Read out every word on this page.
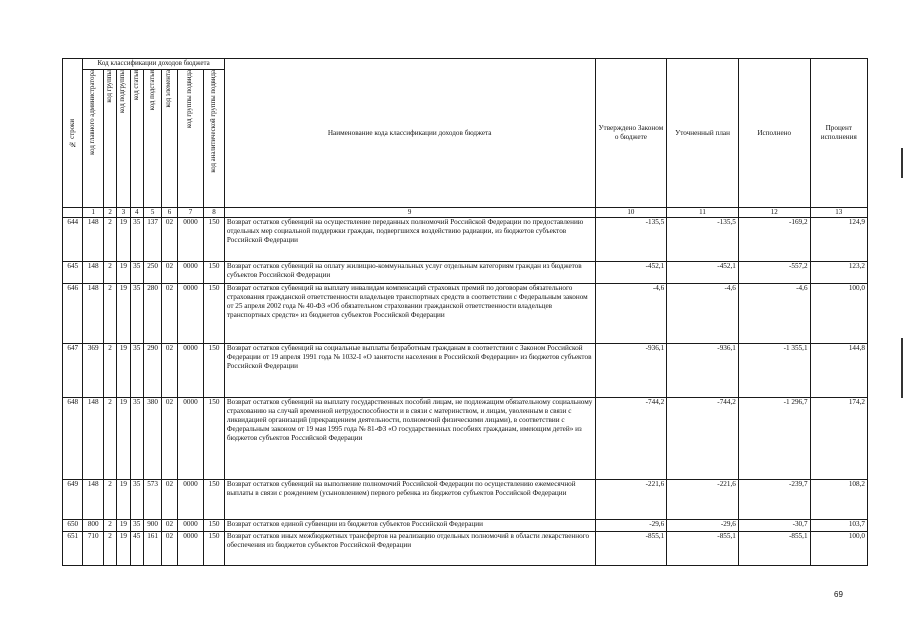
№ строки	Код классификации доходов бюджета								Наименование кода классификации доходов бюджета	Утверждено Законом о бюджете	Уточненный план	Исполнено	Процент исполнения

	код главного администратора	код группы	код подгруппы	код статьи	код подстатьи	код элемента	код группы подвида	код аналитической группы подвида					

	1	2	3	4	5	6	7	8	9	10	11	12	13
644	148	2	19	35	137	02	0000	150	Возврат остатков субвенций на осуществление переданных полномочий Российской Федерации по предоставлению отдельных мер социальной поддержки граждан, подвергшихся воздействию радиации, из бюджетов субъектов Российской Федерации	-135,5	-135,5	-169,2	124,9
645	148	2	19	35	250	02	0000	150	Возврат остатков субвенций на оплату жилищно-коммунальных услуг отдельным категориям граждан из бюджетов субъектов Российской Федерации	-452,1	-452,1	-557,2	123,2
646	148	2	19	35	280	02	0000	150	Возврат остатков субвенций на выплату инвалидам компенсаций страховых премий по договорам обязательного страхования гражданской ответственности владельцев транспортных средств в соответствии с Федеральным законом от 25 апреля 2002 года № 40-ФЗ «Об обязательном страховании гражданской ответственности владельцев транспортных средств» из бюджетов субъектов Российской Федерации	-4,6	-4,6	-4,6	100,0
647	369	2	19	35	290	02	0000	150	Возврат остатков субвенций на социальные выплаты безработным гражданам в соответствии с Законом Российской Федерации от 19 апреля 1991 года № 1032-I «О занятости населения в Российской Федерации» из бюджетов субъектов Российской Федерации	-936,1	-936,1	-1 355,1	144,8
648	148	2	19	35	380	02	0000	150	Возврат остатков субвенций на выплату государственных пособий лицам, не подлежащим обязательному социальному страхованию на случай временной нетрудоспособности и в связи с материнством, и лицам, уволенным в связи с ликвидацией организаций (прекращением деятельности, полномочий физическими лицами), в соответствии с Федеральным законом от 19 мая 1995 года № 81-ФЗ «О государственных пособиях гражданам, имеющим детей» из бюджетов субъектов Российской Федерации	-744,2	-744,2	-1 296,7	174,2
649	148	2	19	35	573	02	0000	150	Возврат остатков субвенций на выполнение полномочий Российской Федерации по осуществлению ежемесячной выплаты в связи с рождением (усыновлением) первого ребенка из бюджетов субъектов Российской Федерации	-221,6	-221,6	-239,7	108,2
650	800	2	19	35	900	02	0000	150	Возврат остатков единой субвенции из бюджетов субъектов Российской Федерации	-29,6	-29,6	-30,7	103,7
651	710	2	19	45	161	02	0000	150	Возврат остатков иных межбюджетных трансфертов на реализацию отдельных полномочий в области лекарственного обеспечения из бюджетов субъектов Российской Федерации	-855,1	-855,1	-855,1	100,0
69
